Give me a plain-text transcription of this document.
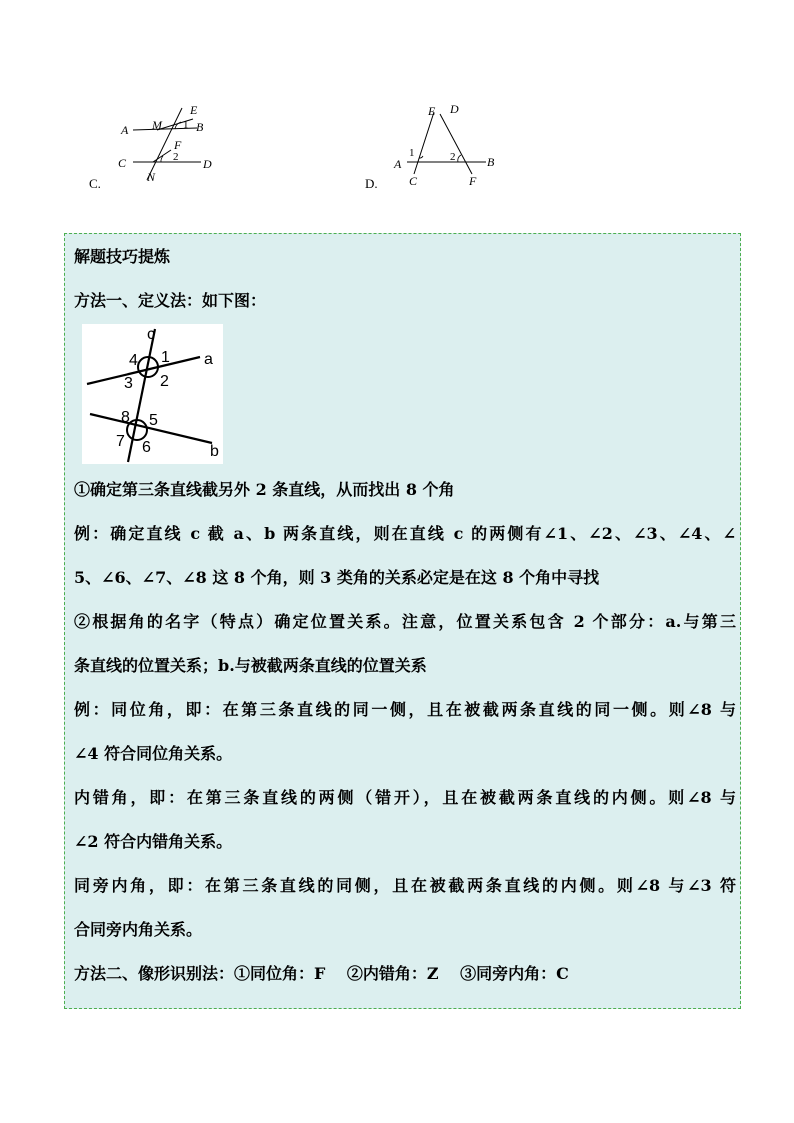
C.
E
A M 1 B
F
2
C	D
N	D.
E D
1	2
A	B
C	F
解题技巧提炼
方法一、定义法：如下图：
c
a
b
1
2
3
4
5
6
7
8
①确定第三条直线截另外 2 条直线，从而找出 8 个角
例：确定直线 c 截 a、b 两条直线，则在直线 c 的两侧有∠1、∠2、∠3、∠4、∠
5、∠6、∠7、∠8 这 8 个角，则 3 类角的关系必定是在这 8 个角中寻找
②根据角的名字（特点）确定位置关系。注意，位置关系包含 2 个部分：a.与第三
条直线的位置关系；b.与被截两条直线的位置关系
例：同位角，即：在第三条直线的同一侧，且在被截两条直线的同一侧。则∠8 与
∠4 符合同位角关系。
内错角，即：在第三条直线的两侧（错开），且在被截两条直线的内侧。则∠8 与
∠2 符合内错角关系。
同旁内角，即：在第三条直线的同侧，且在被截两条直线的内侧。则∠8 与∠3 符
合同旁内角关系。
方法二、像形识别法：①同位角：F　 ②内错角：Z　 ③同旁内角：C
